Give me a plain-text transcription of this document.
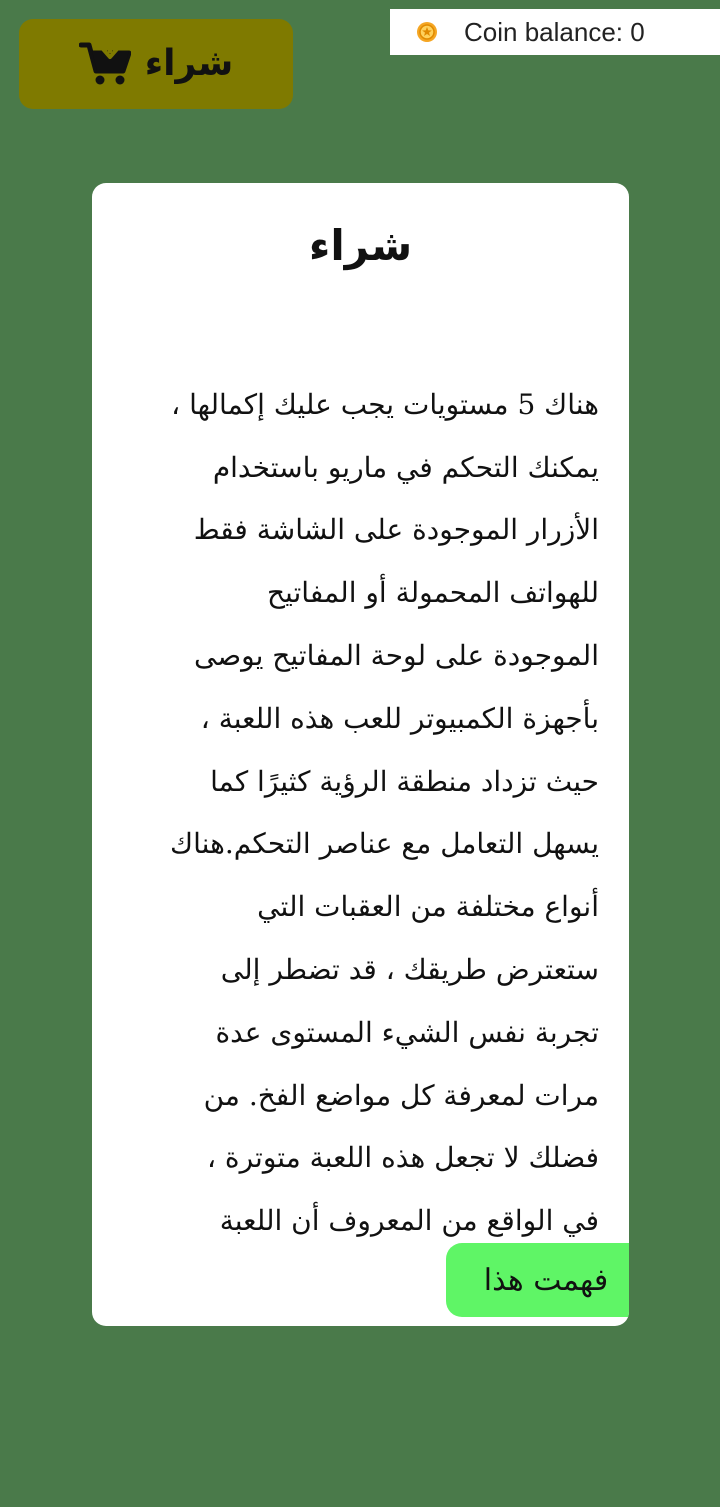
شراء
Coin balance: 0
شراء

هناك 5 مستويات يجب عليك إكمالها ،
يمكنك التحكم في ماريو باستخدام
الأزرار الموجودة على الشاشة فقط
للهواتف المحمولة أو المفاتيح
الموجودة على لوحة المفاتيح يوصى
بأجهزة الكمبيوتر للعب هذه اللعبة ،
حيث تزداد منطقة الرؤية كثيرًا كما
يسهل التعامل مع عناصر التحكم.هناك
أنواع مختلفة من العقبات التي
ستعترض طريقك ، قد تضطر إلى
تجربة نفس الشيء المستوى عدة
مرات لمعرفة كل مواضع الفخ. من
فضلك لا تجعل هذه اللعبة متوترة ،
في الواقع من المعروف أن اللعبة

فهمت هذا
